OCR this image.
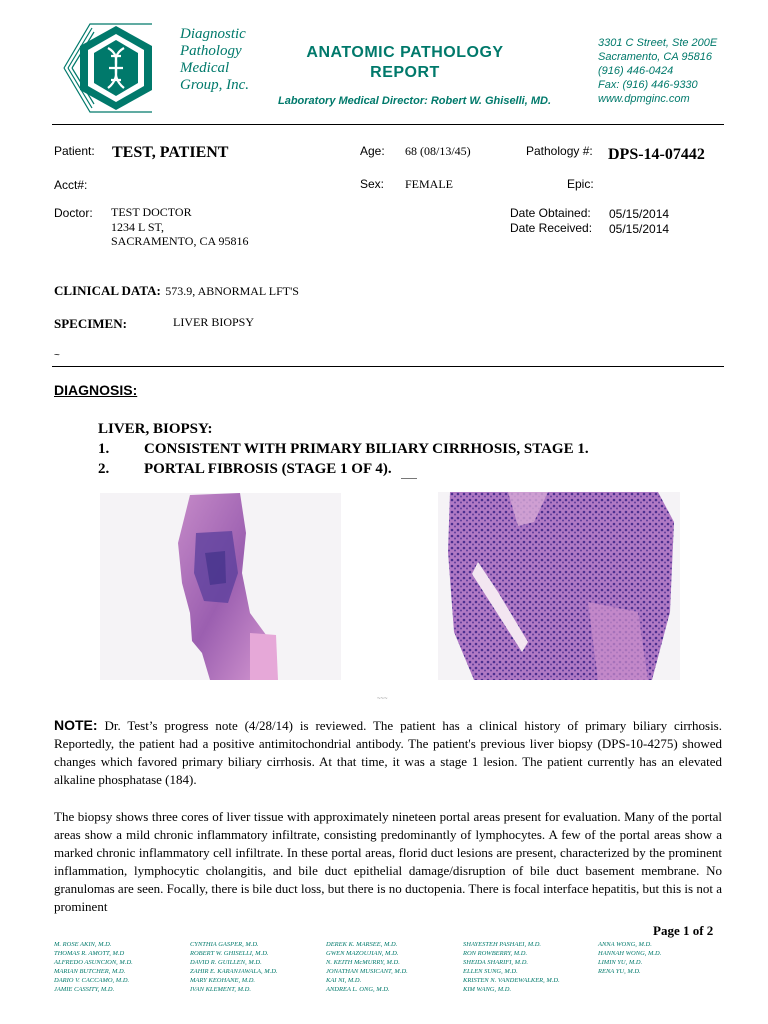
Diagnostic
Pathology
Medical
Group, Inc.
ANATOMIC PATHOLOGY
REPORT
Laboratory Medical Director: Robert W. Ghiselli, MD.
3301 C Street, Ste 200E
Sacramento, CA 95816
(916) 446-0424
Fax: (916) 446-9330
www.dpmginc.com
Patient: TEST, PATIENT	Age: 68 (08/13/45)	Pathology #: DPS-14-07442
Acct#:	Sex: FEMALE	Epic:
Doctor: TEST DOCTOR
1234 L ST,
SACRAMENTO, CA 95816
Date Obtained: 05/15/2014
Date Received: 05/15/2014
CLINICAL DATA: 573.9, ABNORMAL LFT'S
SPECIMEN:	LIVER BIOPSY
~
DIAGNOSIS:
LIVER, BIOPSY:
1. CONSISTENT WITH PRIMARY BILIARY CIRRHOSIS, STAGE 1.
2. PORTAL FIBROSIS (STAGE 1 OF 4).
~~~
NOTE: Dr. Test’s progress note (4/28/14) is reviewed. The patient has a clinical history of primary biliary cirrhosis. Reportedly, the patient had a positive antimitochondrial antibody. The patient's previous liver biopsy (DPS-10-4275) showed changes which favored primary biliary cirrhosis. At that time, it was a stage 1 lesion. The patient currently has an elevated alkaline phosphatase (184).
The biopsy shows three cores of liver tissue with approximately nineteen portal areas present for evaluation. Many of the portal areas show a mild chronic inflammatory infiltrate, consisting predominantly of lymphocytes. A few of the portal areas show a marked chronic inflammatory cell infiltrate. In these portal areas, florid duct lesions are present, characterized by the prominent inflammation, lymphocytic cholangitis, and bile duct epithelial damage/disruption of bile duct basement membrane. No granulomas are seen. Focally, there is bile duct loss, but there is no ductopenia. There is focal interface hepatitis, but this is not a prominent
Page 1 of 2
M. ROSE AKIN, M.D.
THOMAS R. AMOTT, M.D
ALFREDO ASUNCION, M.D.
MARIAN BUTCHER, M.D.
DARIO V. CACCAMO, M.D.
JAMIE CASSITY, M.D.
CYNTHIA GASPER, M.D.
ROBERT W. GHISELLI, M.D.
DAVID R. GUILLEN, M.D.
ZAHIR E. KARANJAWALA, M.D.
MARY KEOHANE, M.D.
IVAN KLEMENT, M.D.
DEREK K. MARSEE, M.D.
GWEN MAZOUJIAN, M.D.
N. KEITH McMURRY, M.D.
JONATHAN MUSICANT, M.D.
KAI NI, M.D.
ANDREA L. ONG, M.D.
SHAYESTEH PASHAEI, M.D.
RON ROWBERRY, M.D.
SHEIDA SHARIFI, M.D.
ELLEN SUNG, M.D.
KRISTEN N. VANDEWALKER, M.D.
KIM WANG, M.D.
ANNA WONG, M.D.
HANNAH WONG, M.D.
LIMIN YU, M.D.
RENA YU, M.D.
